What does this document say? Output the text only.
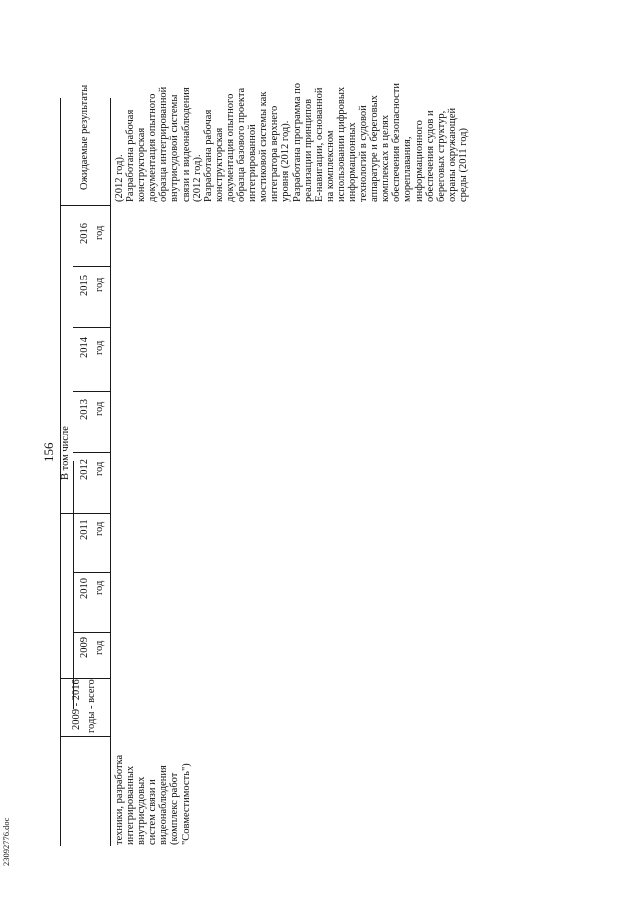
156
23092776.doc
2009 - 2016 годы - всего
В том числе
2009 год
2010 год
2011 год
2012 год
2013 год
2014 год
2015 год
2016 год
Ожидаемые результаты
техники, разработка интегрированных внутрисудовых систем связи и видеонаблюдения (комплекс работ "Совместимость")
(2012 год). Разработана рабочая конструкторская документация опытного образца интегрированной внутрисудовой системы связи и видеонаблюдения (2012 год). Разработана рабочая конструкторская документация опытного образца базового проекта интегрированной мостиковой системы как интегратора верхнего уровня (2012 год). Разработана программа по реализации принципов Е-навигации, основанной на комплексном использовании цифровых информационных технологий в судовой аппаратуре и береговых комплексах в целях обеспечения безопасности мореплавания, информационного обеспечения судов и береговых структур, охраны окружающей среды (2011 год)
